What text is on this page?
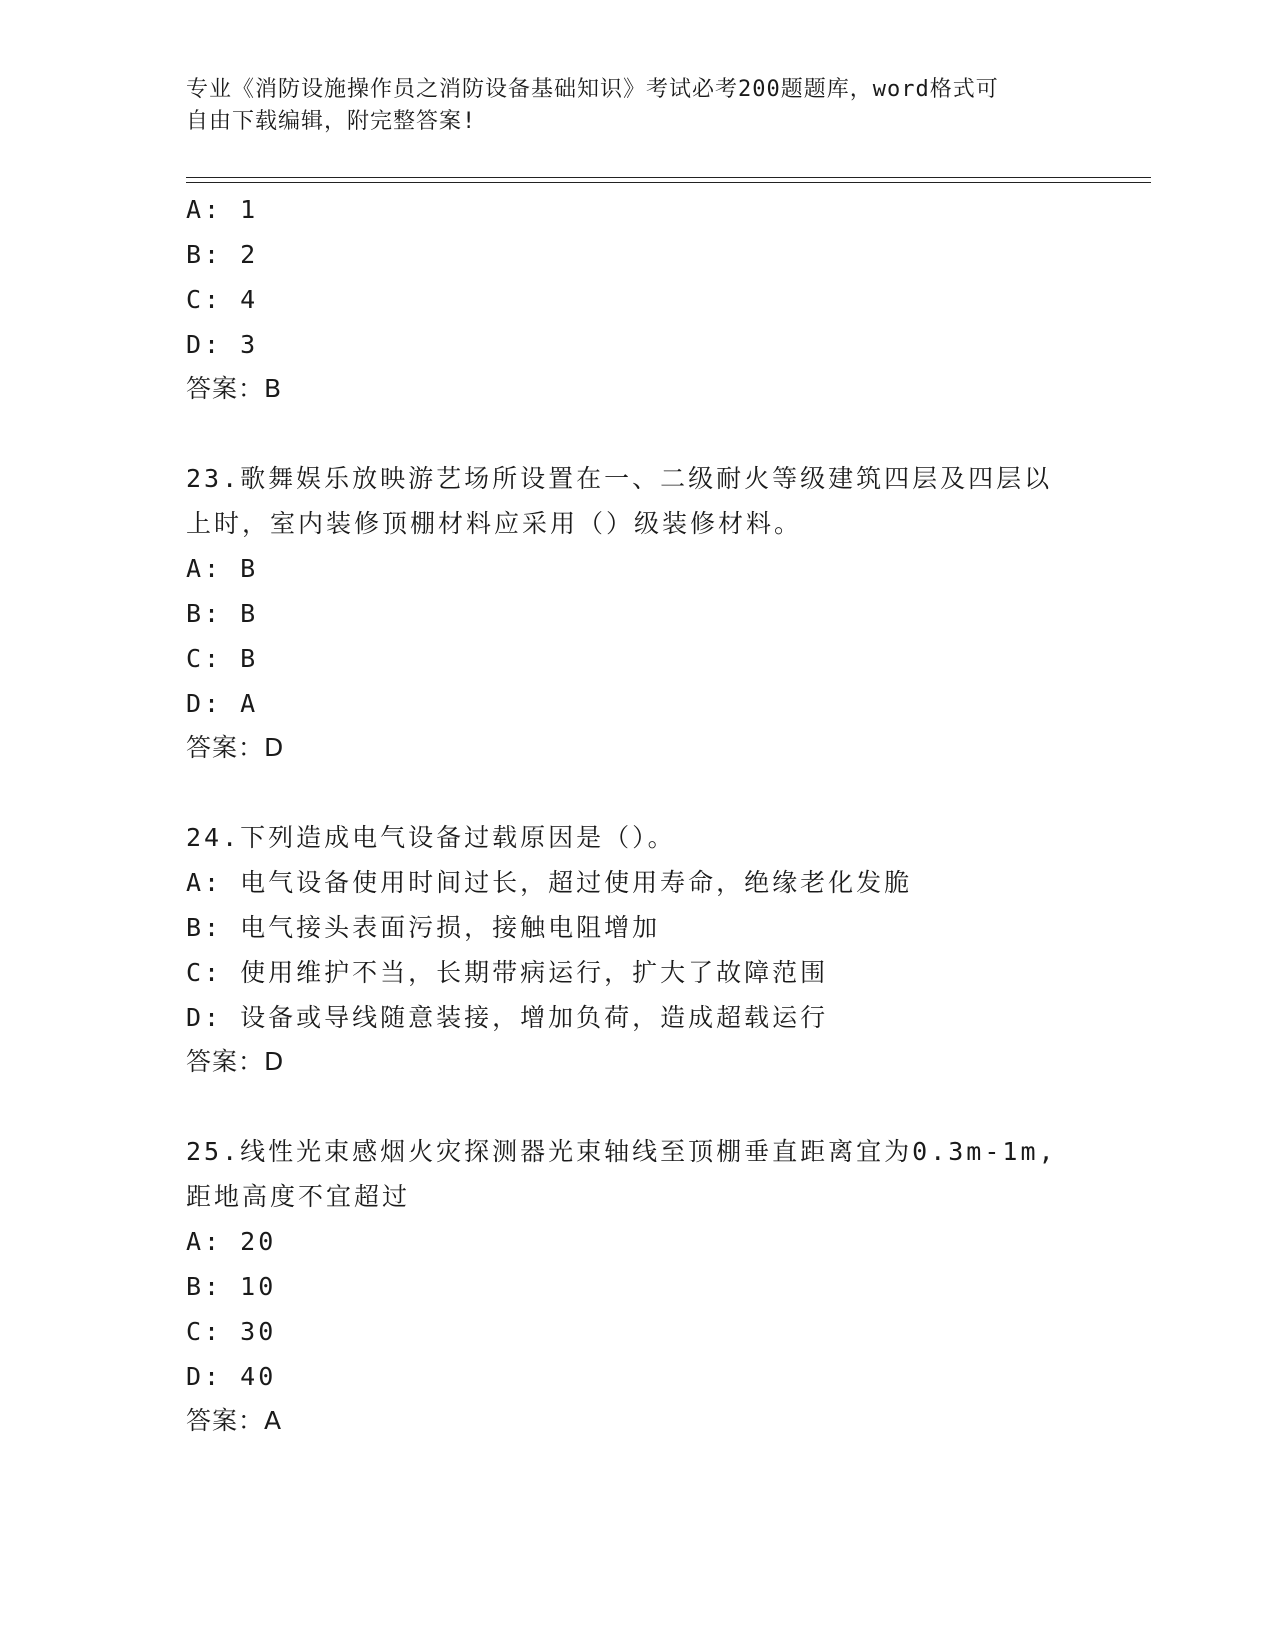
专业《消防设施操作员之消防设备基础知识》考试必考200题题库，word格式可
自由下载编辑，附完整答案!
A: 1
B: 2
C: 4
D: 3
答案：B
23.歌舞娱乐放映游艺场所设置在一、二级耐火等级建筑四层及四层以
上时，室内装修顶棚材料应采用（）级装修材料。
A: B
B: B
C: B
D: A
答案：D
24.下列造成电气设备过载原因是（）。
A: 电气设备使用时间过长，超过使用寿命，绝缘老化发脆
B: 电气接头表面污损，接触电阻增加
C: 使用维护不当，长期带病运行，扩大了故障范围
D: 设备或导线随意装接，增加负荷，造成超载运行
答案：D
25.线性光束感烟火灾探测器光束轴线至顶棚垂直距离宜为0.3m-1m,
距地高度不宜超过
A: 20
B: 10
C: 30
D: 40
答案：A
